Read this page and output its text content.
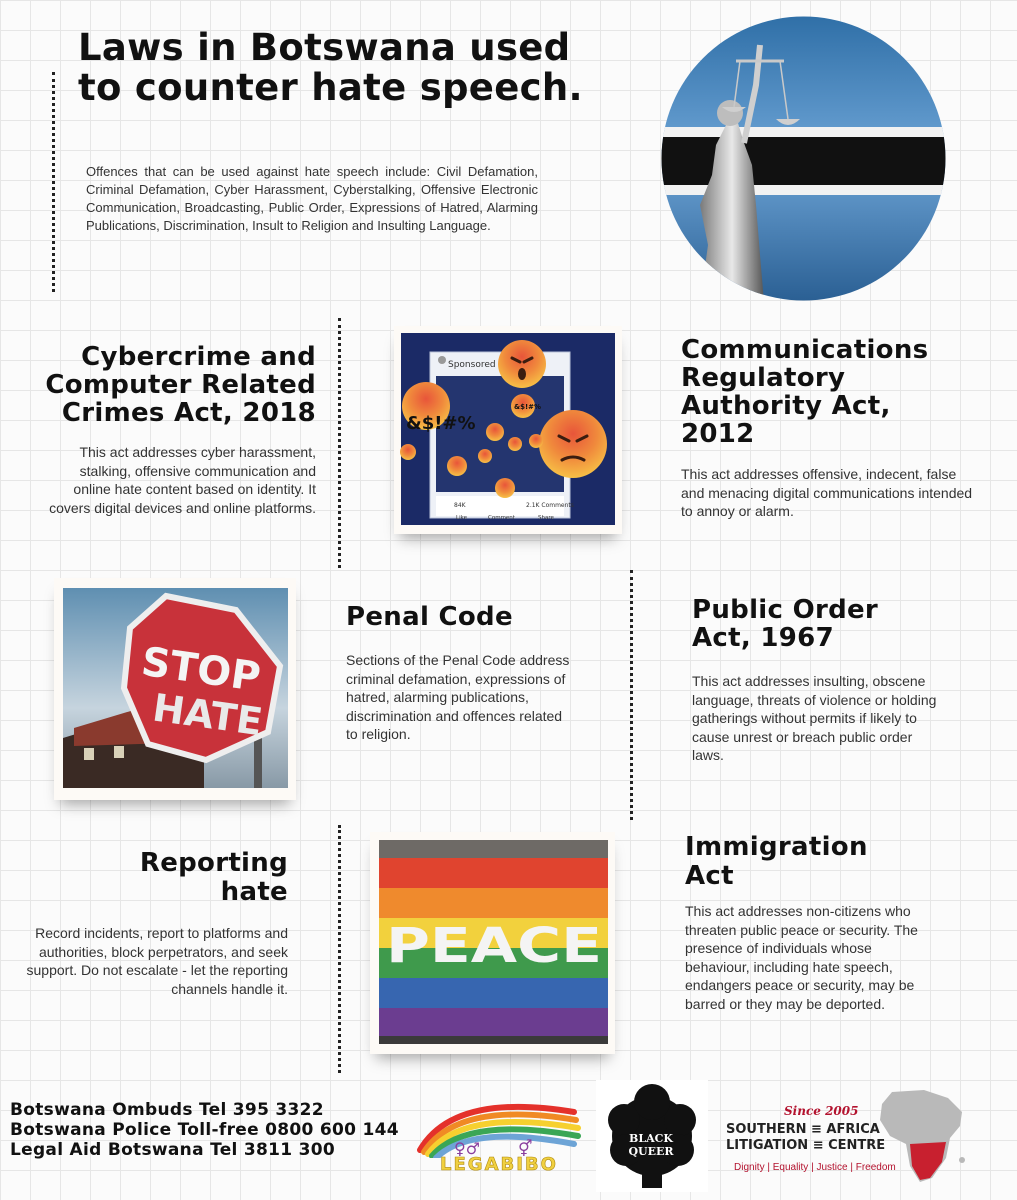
Laws in Botswana used
to counter hate speech.
Offences that can be used against hate speech include: Civil Defamation, Criminal Defamation, Cyber Harassment, Cyberstalking, Offensive Electronic Communication, Broadcasting, Public Order, Expressions of Hatred, Alarming Publications, Discrimination, Insult to Religion and Insulting Language.
Cybercrime and
Computer Related
Crimes Act, 2018
This act addresses cyber harassment, stalking, offensive communication and online hate content based on identity. It covers digital devices and online platforms.
Sponsored
&$!#%
&$!#%
84K	2.1K Comments
Like	Comment	Share
Communications
Regulatory
Authority Act,
2012
This act addresses offensive, indecent, false and menacing digital communications intended to annoy or alarm.
STOP
HATE
Penal Code
Sections of the Penal Code address criminal defamation, expressions of hatred, alarming publications, discrimination and offences related to religion.
Public Order
Act, 1967
This act addresses insulting, obscene language, threats of violence or holding gatherings without permits if likely to cause unrest or breach public order laws.
Reporting
hate
Record incidents, report to platforms and authorities, block perpetrators, and seek support. Do not escalate - let the reporting channels handle it.
PEACE
Immigration
Act
This act addresses non-citizens who threaten public peace or security. The presence of individuals whose behaviour, including hate speech, endangers peace or security, may be barred or they may be deported.
Botswana Ombuds Tel 395 3322
Botswana Police Toll-free 0800 600 144
Legal Aid Botswana Tel 3811 300	♀♂ ⚥
LEGABIBO
BLACK
QUEER
Since 2005
SOUTHERN ≡ AFRICA
LITIGATION ≡ CENTRE
Dignity | Equality | Justice | Freedom
